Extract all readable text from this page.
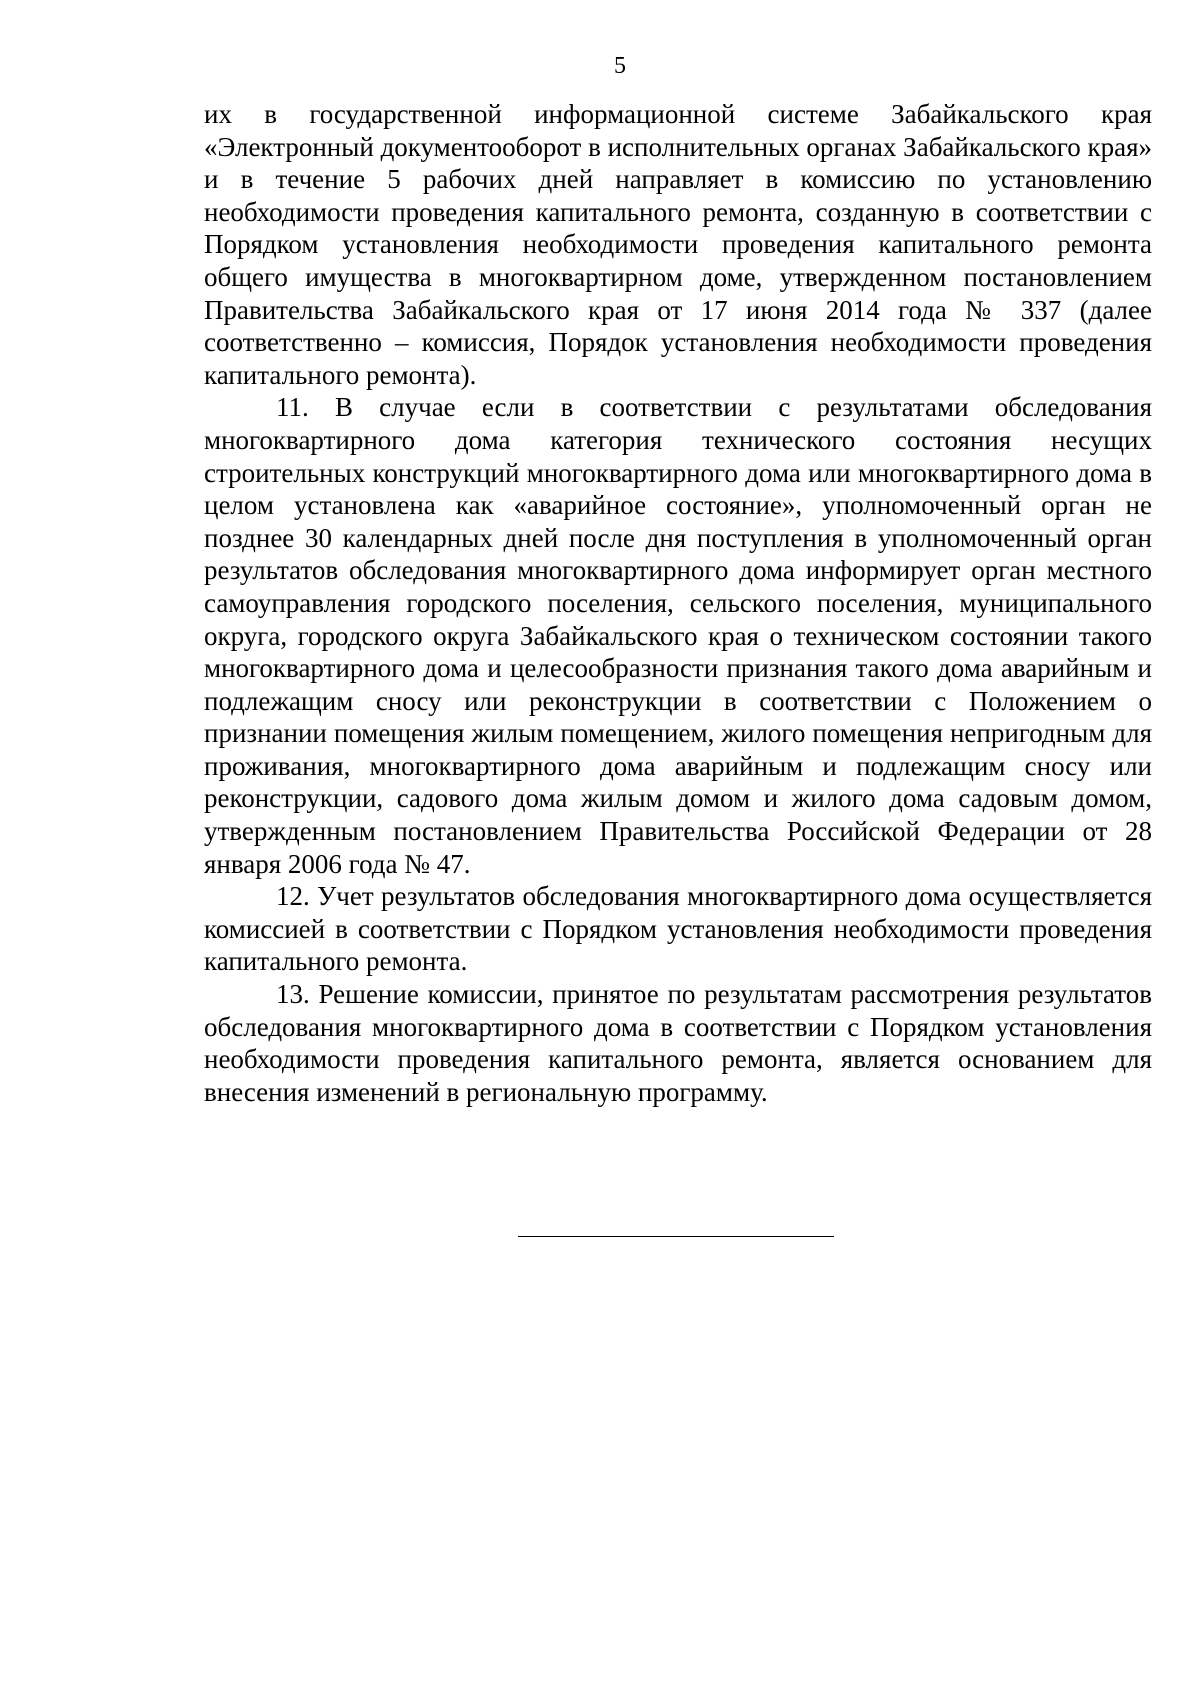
5

их в государственной информационной системе Забайкальского края «Электронный документооборот в исполнительных органах Забайкальского края» и в течение 5 рабочих дней направляет в комиссию по установлению необходимости проведения капитального ремонта, созданную в соответствии с Порядком установления необходимости проведения капитального ремонта общего имущества в многоквартирном доме, утвержденном постановлением Правительства Забайкальского края от 17 июня 2014 года № 337 (далее соответственно – комиссия, Порядок установления необходимости проведения капитального ремонта).

11. В случае если в соответствии с результатами обследования многоквартирного дома категория технического состояния несущих строительных конструкций многоквартирного дома или многоквартирного дома в целом установлена как «аварийное состояние», уполномоченный орган не позднее 30 календарных дней после дня поступления в уполномоченный орган результатов обследования многоквартирного дома информирует орган местного самоуправления городского поселения, сельского поселения, муниципального округа, городского округа Забайкальского края о техническом состоянии такого многоквартирного дома и целесообразности признания такого дома аварийным и подлежащим сносу или реконструкции в соответствии с Положением о признании помещения жилым помещением, жилого помещения непригодным для проживания, многоквартирного дома аварийным и подлежащим сносу или реконструкции, садового дома жилым домом и жилого дома садовым домом, утвержденным постановлением Правительства Российской Федерации от 28 января 2006 года № 47.

12. Учет результатов обследования многоквартирного дома осуществляется комиссией в соответствии с Порядком установления необходимости проведения капитального ремонта.

13. Решение комиссии, принятое по результатам рассмотрения результатов обследования многоквартирного дома в соответствии с Порядком установления необходимости проведения капитального ремонта, является основанием для внесения изменений в региональную программу.
